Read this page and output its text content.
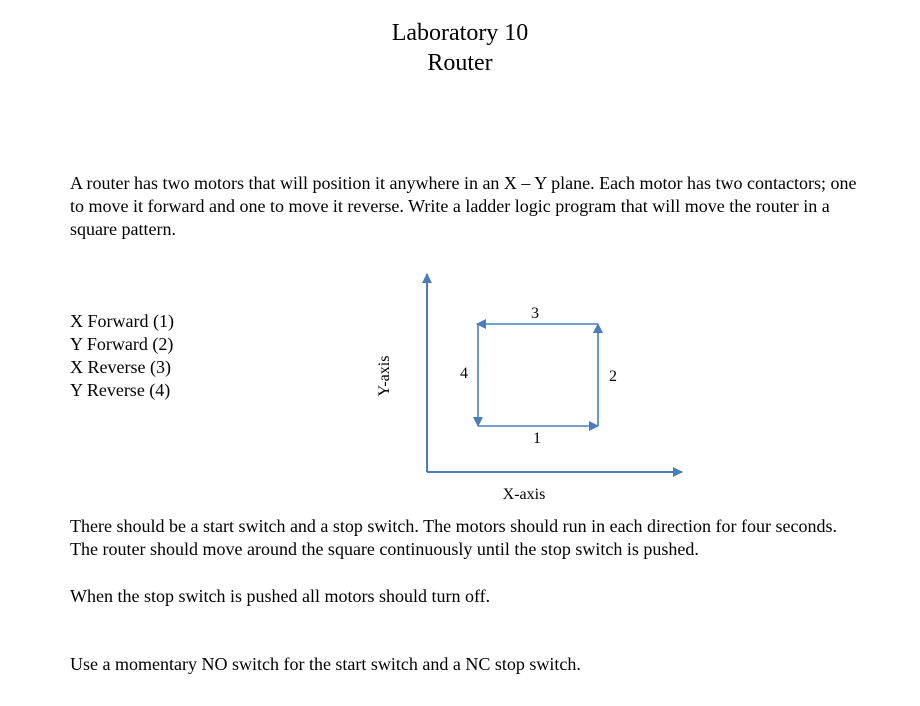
Laboratory 10
Router

A router has two motors that will position it anywhere in an X – Y plane. Each motor has two contactors; one to move it forward and one to move it reverse. Write a ladder logic program that will move the router in a square pattern.

X Forward (1)
Y Forward (2)
X Reverse (3)
Y Reverse (4)
3
2
4
1
Y-axis
X-axis

There should be a start switch and a stop switch. The motors should run in each direction for four seconds. The router should move around the square continuously until the stop switch is pushed.

When the stop switch is pushed all motors should turn off.

Use a momentary NO switch for the start switch and a NC stop switch.
